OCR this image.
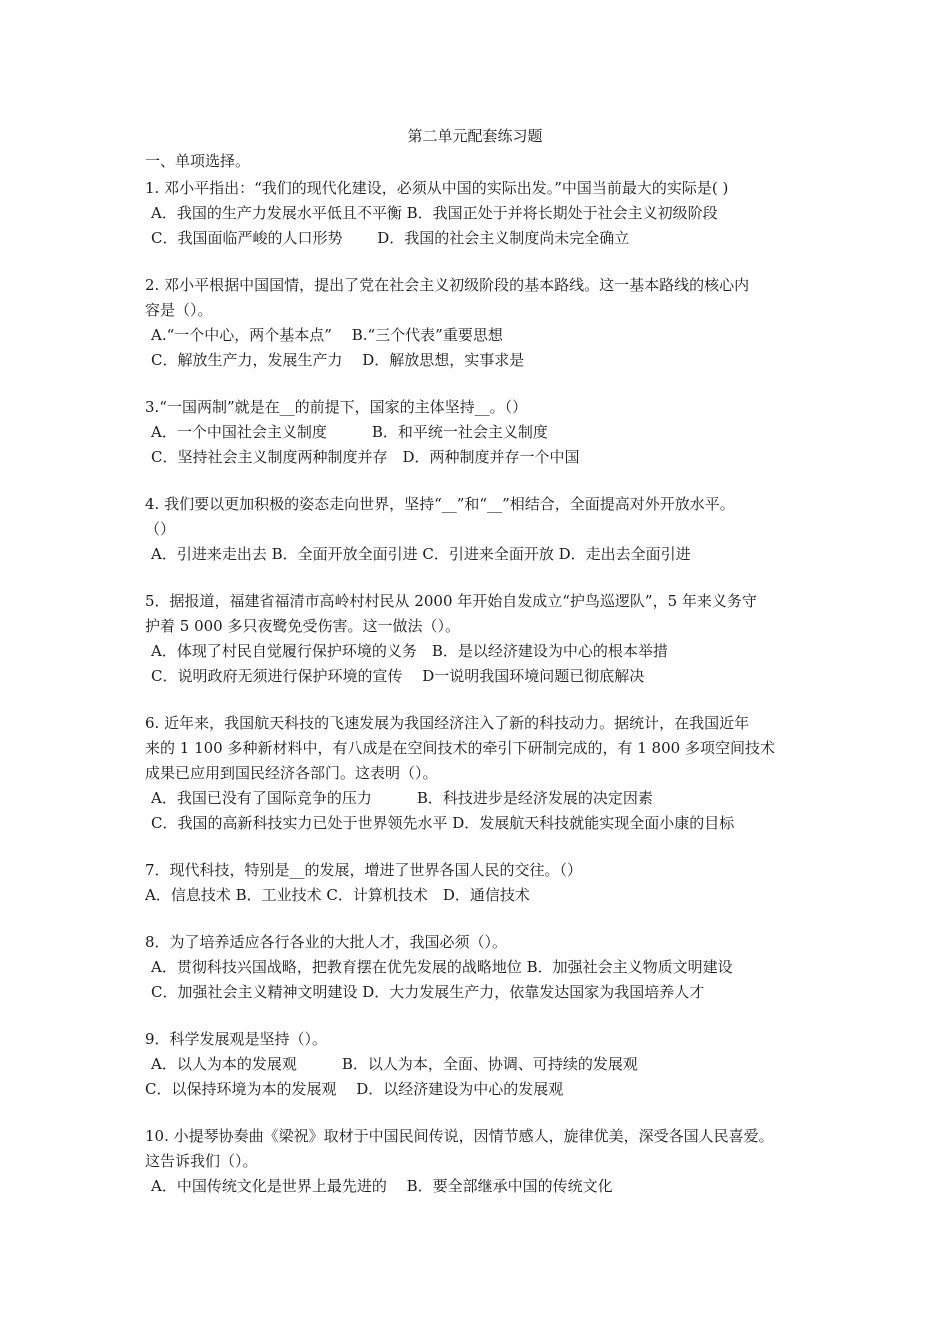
第二单元配套练习题
一、单项选择。
1. 邓小平指出：“我们的现代化建设，必须从中国的实际出发。”中国当前最大的实际是( )
A．我国的生产力发展水平低且不平衡 B．我国正处于并将长期处于社会主义初级阶段
C．我国面临严峻的人口形势　　 D．我国的社会主义制度尚未完全确立
2. 邓小平根据中国国情，提出了党在社会主义初级阶段的基本路线。这一基本路线的核心内
容是（）。
A.“一个中心，两个基本点”　 B.“三个代表”重要思想
C．解放生产力，发展生产力　 D．解放思想，实事求是
3.“一国两制”就是在__的前提下，国家的主体坚持__。（）
A．一个中国社会主义制度　　　B．和平统一社会主义制度
C．坚持社会主义制度两种制度并存　D．两种制度并存一个中国
4. 我们要以更加积极的姿态走向世界，坚持“__”和“__”相结合，全面提高对外开放水平。
（）
A．引进来走出去 B．全面开放全面引进 C．引进来全面开放 D．走出去全面引进
5．据报道，福建省福清市高岭村村民从 2000 年开始自发成立“护鸟巡逻队”，5 年来义务守
护着 5 000 多只夜鹭免受伤害。这一做法（）。
A．体现了村民自觉履行保护环境的义务　B．是以经济建设为中心的根本举措
C．说明政府无须进行保护环境的宣传　 D一说明我国环境问题已彻底解决
6. 近年来，我国航天科技的飞速发展为我国经济注入了新的科技动力。据统计，在我国近年
来的 1 100 多种新材料中，有八成是在空间技术的牵引下研制完成的，有 1 800 多项空间技术
成果已应用到国民经济各部门。这表明（）。
A．我国已没有了国际竞争的压力　　　B．科技进步是经济发展的决定因素
C．我国的高新科技实力已处于世界领先水平 D．发展航天科技就能实现全面小康的目标
7．现代科技，特别是__的发展，增进了世界各国人民的交往。（）
A．信息技术 B．工业技术 C．计算机技术　D．通信技术
8．为了培养适应各行各业的大批人才，我国必须（）。
A．贯彻科技兴国战略，把教育摆在优先发展的战略地位 B．加强社会主义物质文明建设
C．加强社会主义精神文明建设 D．大力发展生产力，依靠发达国家为我国培养人才
9．科学发展观是坚持（）。
A．以人为本的发展观　　　B．以人为本，全面、协调、可持续的发展观
C．以保持环境为本的发展观　 D．以经济建设为中心的发展观
10. 小提琴协奏曲《梁祝》取材于中国民间传说，因情节感人，旋律优美，深受各国人民喜爱。
这告诉我们（）。
A．中国传统文化是世界上最先进的　 B．要全部继承中国的传统文化
